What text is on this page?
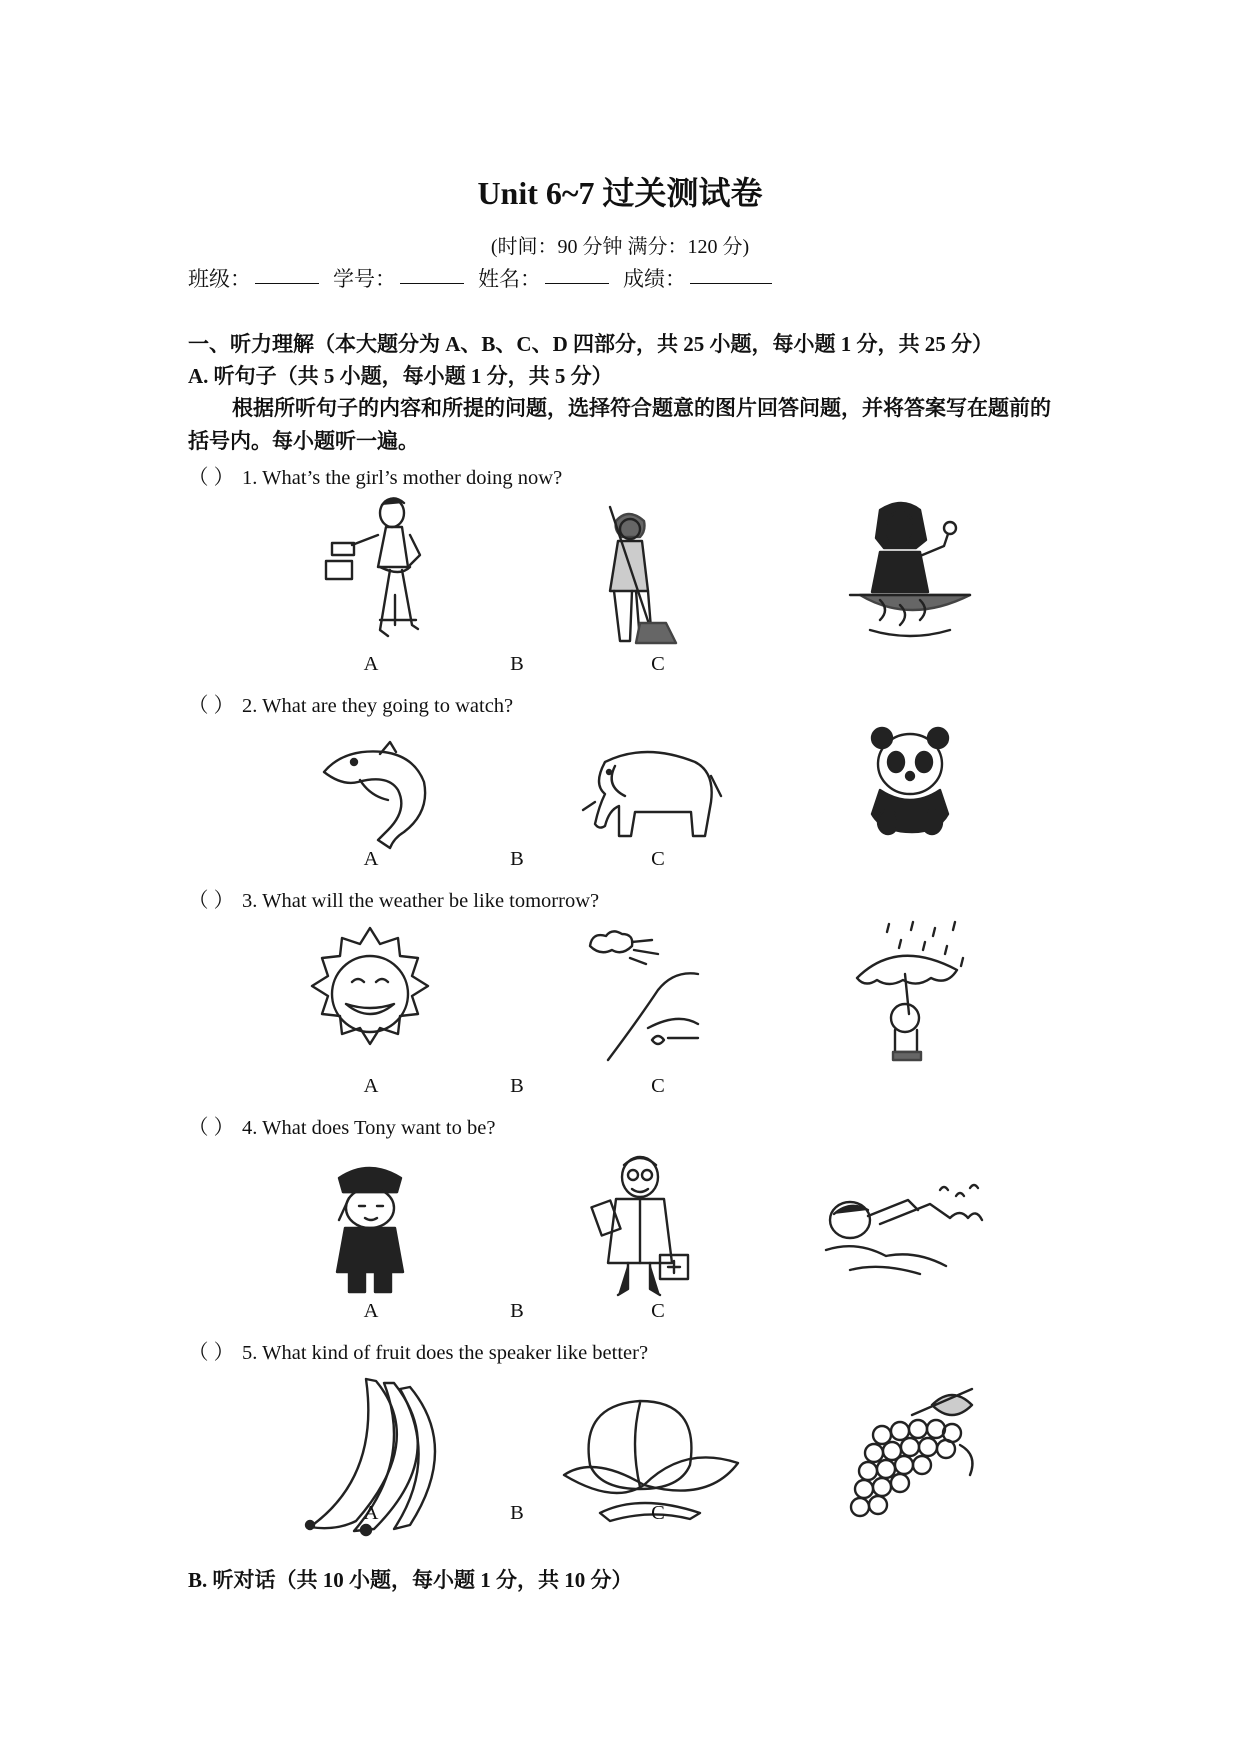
Unit 6~7 过关测试卷
(时间：90 分钟 满分：120 分)
班级：	学号：	姓名：	成绩：
一、听力理解（本大题分为 A、B、C、D 四部分，共 25 小题，每小题 1 分，共 25 分）
A. 听句子（共 5 小题，每小题 1 分，共 5 分）
根据所听句子的内容和所提的问题，选择符合题意的图片回答问题，并将答案写在题前的括号内。每小题听一遍。
（ ） 1. What’s the girl’s mother doing now?
A	B	C
（ ） 2. What are they going to watch?
A	B	C
（ ） 3. What will the weather be like tomorrow?
A	B	C
（ ） 4. What does Tony want to be?
A	B	C
（ ） 5. What kind of fruit does the speaker like better?
A	B	C
B. 听对话（共 10 小题，每小题 1 分，共 10 分）
